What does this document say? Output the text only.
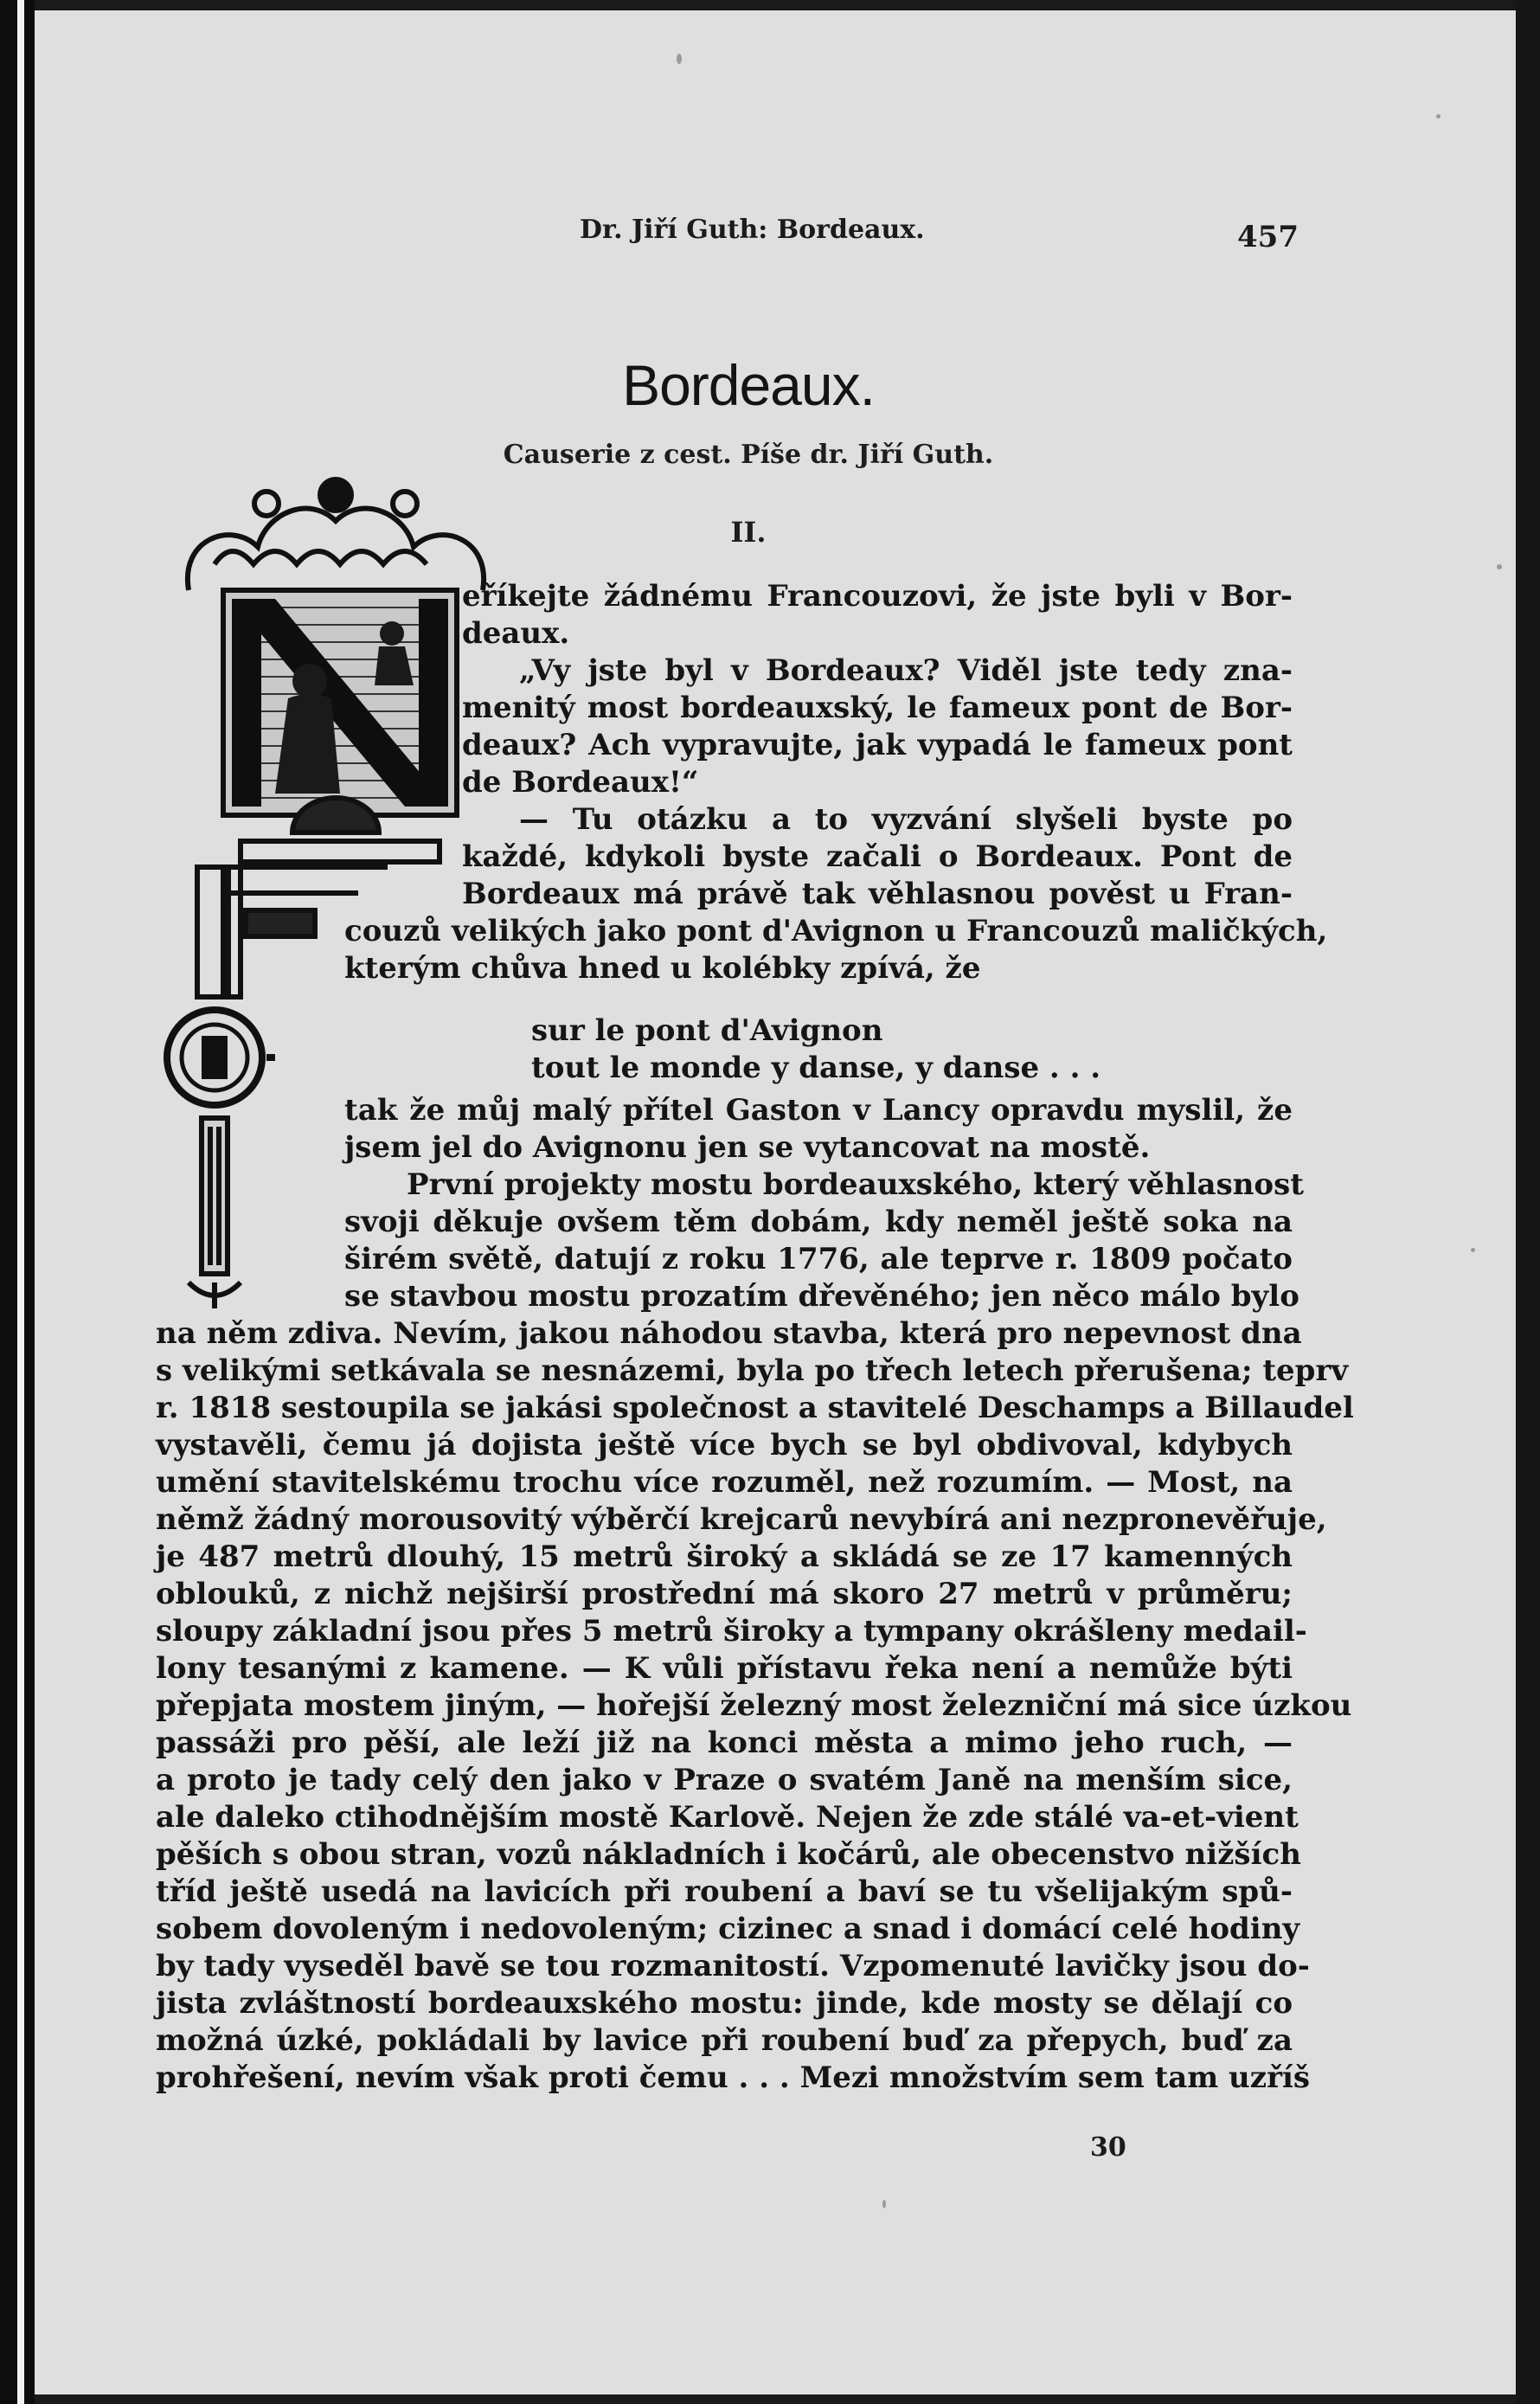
Dr. Jiří Guth: Bordeaux.	457
Bordeaux.
Causerie z cest. Píše dr. Jiří Guth.
II.
eříkejte žádnému Francouzovi, že jste byli v Bor-
deaux.
„Vy jste byl v Bordeaux? Viděl jste tedy zna-
menitý most bordeauxský, le fameux pont de Bor-
deaux? Ach vypravujte, jak vypadá le fameux pont
de Bordeaux!“
— Tu otázku a to vyzvání slyšeli byste po
každé, kdykoli byste začali o Bordeaux. Pont de
Bordeaux má právě tak věhlasnou pověst u Fran-
couzů velikých jako pont d'Avignon u Francouzů maličkých,
kterým chůva hned u kolébky zpívá, že
tak že můj malý přítel Gaston v Lancy opravdu myslil, že
jsem jel do Avignonu jen se vytancovat na mostě.
První projekty mostu bordeauxského, který věhlasnost
svoji děkuje ovšem těm dobám, kdy neměl ještě soka na
širém světě, datují z roku 1776, ale teprve r. 1809 počato
se stavbou mostu prozatím dřevěného; jen něco málo bylo
na něm zdiva. Nevím, jakou náhodou stavba, která pro nepevnost dna
s velikými setkávala se nesnázemi, byla po třech letech přerušena; teprv
r. 1818 sestoupila se jakási společnost a stavitelé Deschamps a Billaudel
vystavěli, čemu já dojista ještě více bych se byl obdivoval, kdybych
umění stavitelskému trochu více rozuměl, než rozumím. — Most, na
němž žádný morousovitý výběrčí krejcarů nevybírá ani nezpronevěřuje,
je 487 metrů dlouhý, 15 metrů široký a skládá se ze 17 kamenných
oblouků, z nichž nejširší prostřední má skoro 27 metrů v průměru;
sloupy základní jsou přes 5 metrů široky a tympany okrášleny medail-
lony tesanými z kamene. — K vůli přístavu řeka není a nemůže býti
přepjata mostem jiným, — hořejší železný most železniční má sice úzkou
passáži pro pěší, ale leží již na konci města a mimo jeho ruch, —
a proto je tady celý den jako v Praze o svatém Janě na menším sice,
ale daleko ctihodnějším mostě Karlově. Nejen že zde stálé va-et-vient
pěších s obou stran, vozů nákladních i kočárů, ale obecenstvo nižších
tříd ještě usedá na lavicích při roubení a baví se tu všelijakým spů-
sobem dovoleným i nedovoleným; cizinec a snad i domácí celé hodiny
by tady vyseděl bavě se tou rozmanitostí. Vzpomenuté lavičky jsou do-
jista zvláštností bordeauxského mostu: jinde, kde mosty se dělají co
možná úzké, pokládali by lavice při roubení buď za přepych, buď za
prohřešení, nevím však proti čemu . . . Mezi množstvím sem tam uzříš
sur le pont d'Avignon
tout le monde y danse, y danse . . .
30
